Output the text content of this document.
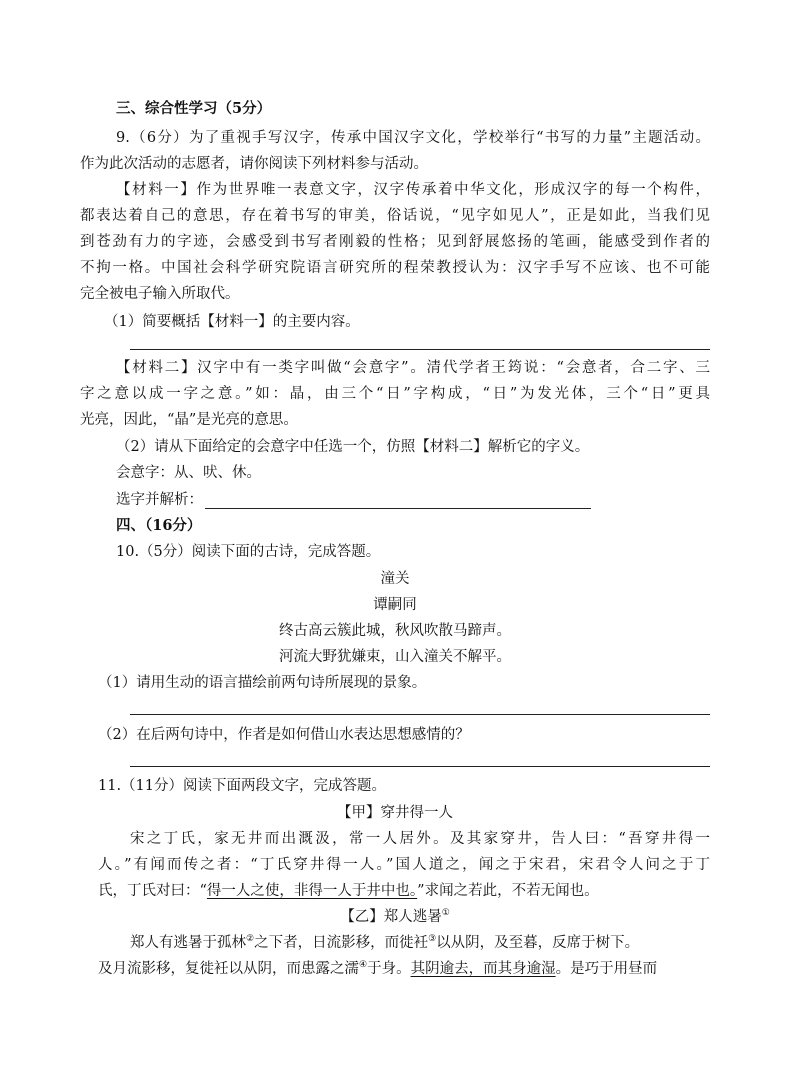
三、综合性学习（5分）
9.（6分）为了重视手写汉字，传承中国汉字文化，学校举行“书写的力量”主题活动。
作为此次活动的志愿者，请你阅读下列材料参与活动。
【材料一】作为世界唯一表意文字，汉字传承着中华文化，形成汉字的每一个构件，
都表达着自己的意思，存在着书写的审美，俗话说，“见字如见人”，正是如此，当我们见
到苍劲有力的字迹，会感受到书写者刚毅的性格；见到舒展悠扬的笔画，能感受到作者的
不拘一格。中国社会科学研究院语言研究所的程荣教授认为：汉字手写不应该、也不可能
完全被电子输入所取代。
（1）简要概括【材料一】的主要内容。
【材料二】汉字中有一类字叫做“会意字”。清代学者王筠说：“会意者，合二字、三
字之意以成一字之意。”如：晶，由三个“日”字构成，“日”为发光体，三个“日”更具
光亮，因此，“晶”是光亮的意思。
（2）请从下面给定的会意字中任选一个，仿照【材料二】解析它的字义。
会意字：从、吠、休。
选字并解析：
四、（16分）
10.（5分）阅读下面的古诗，完成答题。
潼关
谭嗣同
终古高云簇此城，秋风吹散马蹄声。
河流大野犹嫌束，山入潼关不解平。
（1）请用生动的语言描绘前两句诗所展现的景象。
（2）在后两句诗中，作者是如何借山水表达思想感情的？
11.（11分）阅读下面两段文字，完成答题。
【甲】穿井得一人
宋之丁氏，家无井而出溉汲，常一人居外。及其家穿井，告人曰：“吾穿井得一
人。”有闻而传之者：“丁氏穿井得一人。”国人道之，闻之于宋君，宋君令人问之于丁
氏，丁氏对曰：“得一人之使，非得一人于井中也。”求闻之若此，不若无闻也。
【乙】郑人逃暑①
郑人有逃暑于孤林②之下者，日流影移，而徙衽③以从阴，及至暮，反席于树下。
及月流影移，复徙衽以从阴，而患露之濡④于身。其阴逾去，而其身逾湿。是巧于用昼而
